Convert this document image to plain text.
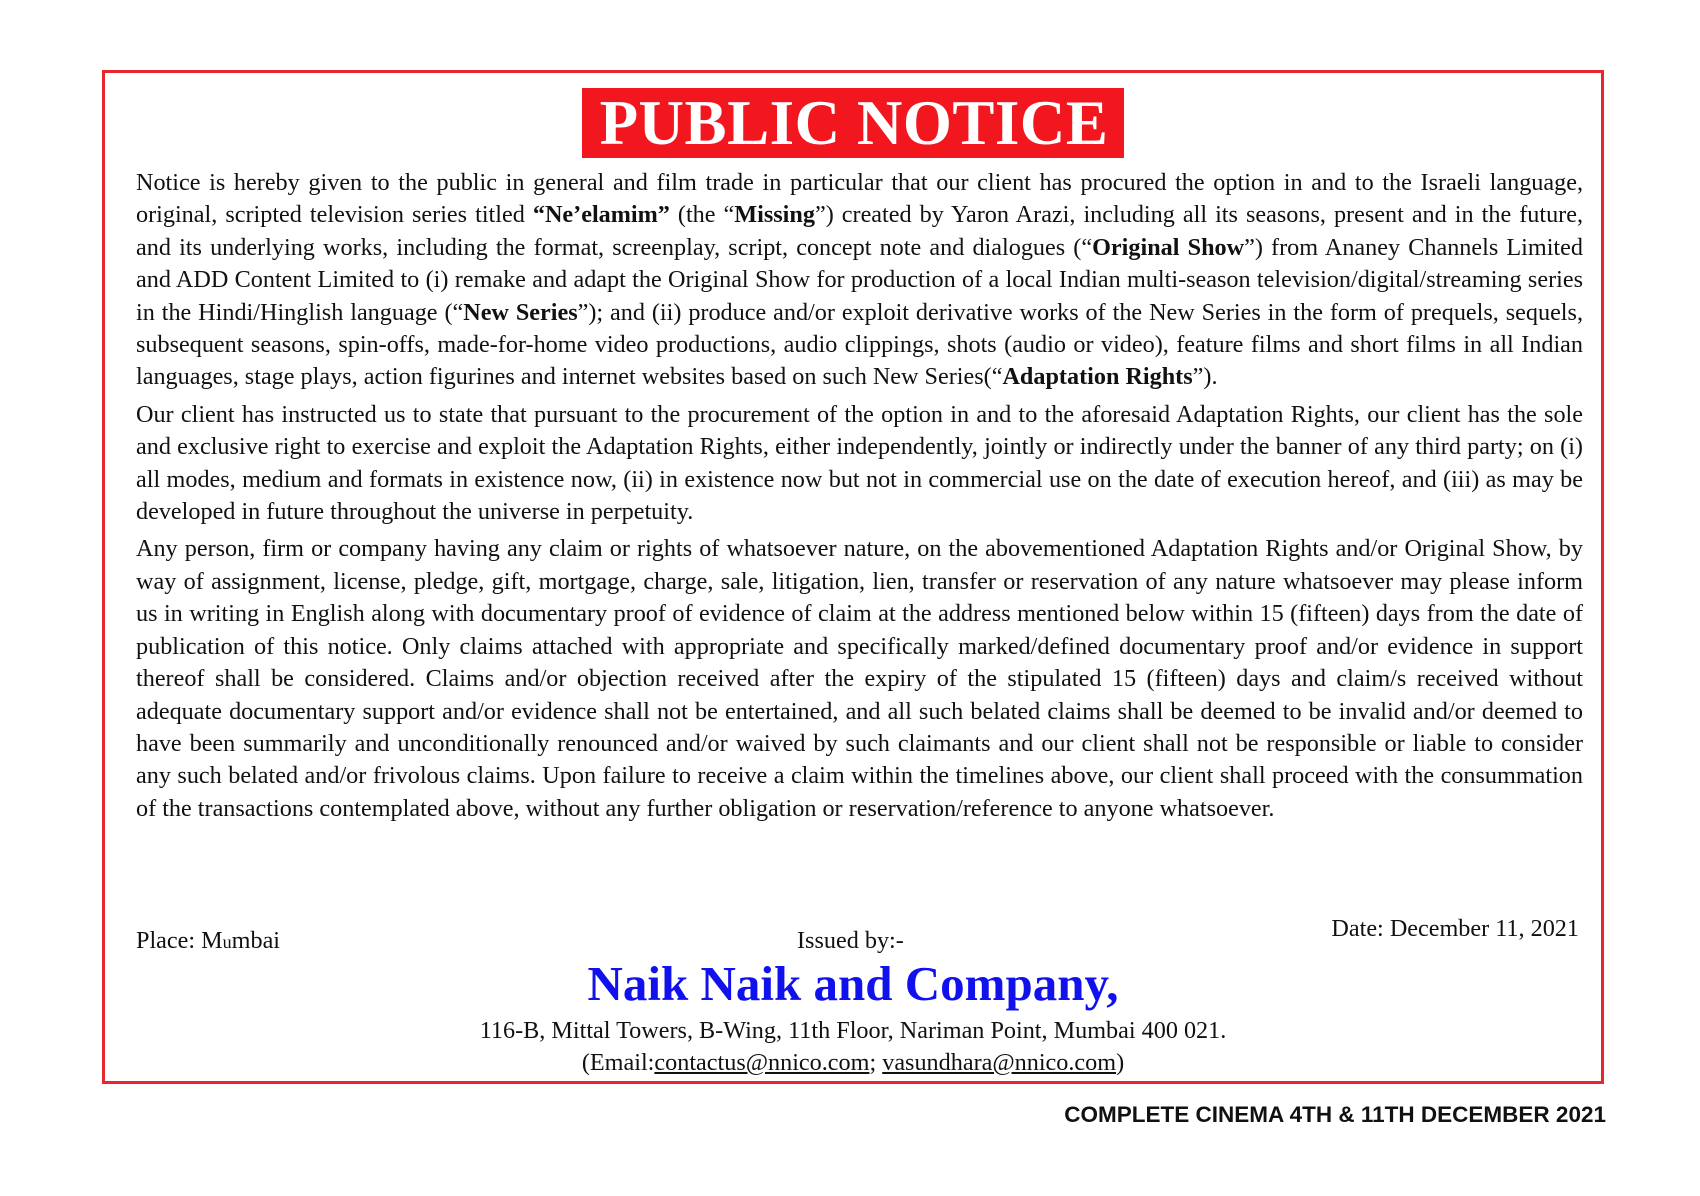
PUBLIC NOTICE

Notice is hereby given to the public in general and film trade in particular that our client has procured the option in and to the Israeli language, original, scripted television series titled “Ne’elamim” (the “Missing”) created by Yaron Arazi, including all its seasons, present and in the future, and its underlying works, including the format, screenplay, script, concept note and dialogues (“Original Show”) from Ananey Channels Limited and ADD Content Limited to (i) remake and adapt the Original Show for production of a local Indian multi-season television/digital/streaming series in the Hindi/Hinglish language (“New Series”); and (ii) produce and/or exploit derivative works of the New Series in the form of prequels, sequels, subsequent seasons, spin-offs, made-for-home video productions, audio clippings, shots (audio or video), feature films and short films in all Indian languages, stage plays, action figurines and internet websites based on such New Series(“Adaptation Rights”).

Our client has instructed us to state that pursuant to the procurement of the option in and to the aforesaid Adaptation Rights, our client has the sole and exclusive right to exercise and exploit the Adaptation Rights, either independently, jointly or indirectly under the banner of any third party; on (i) all modes, medium and formats in existence now, (ii) in existence now but not in commercial use on the date of execution hereof, and (iii) as may be developed in future throughout the universe in perpetuity.

Any person, firm or company having any claim or rights of whatsoever nature, on the abovementioned Adaptation Rights and/or Original Show, by way of assignment, license, pledge, gift, mortgage, charge, sale, litigation, lien, transfer or reservation of any nature whatsoever may please inform us in writing in English along with documentary proof of evidence of claim at the address mentioned below within 15 (fifteen) days from the date of publication of this notice. Only claims attached with appropriate and specifically marked/defined documentary proof and/or evidence in support thereof shall be considered. Claims and/or objection received after the expiry of the stipulated 15 (fifteen) days and claim/s received without adequate documentary support and/or evidence shall not be entertained, and all such belated claims shall be deemed to be invalid and/or deemed to have been summarily and unconditionally renounced and/or waived by such claimants and our client shall not be responsible or liable to consider any such belated and/or frivolous claims. Upon failure to receive a claim within the timelines above, our client shall proceed with the consummation of the transactions contemplated above, without any further obligation or reservation/reference to anyone whatsoever.

Place: Mumbai	Issued by:-	Date: December 11, 2021
Naik Naik and Company,
116-B, Mittal Towers, B-Wing, 11th Floor, Nariman Point, Mumbai 400 021.
(Email:contactus@nnico.com; vasundhara@nnico.com)
COMPLETE CINEMA 4TH & 11TH DECEMBER 2021
